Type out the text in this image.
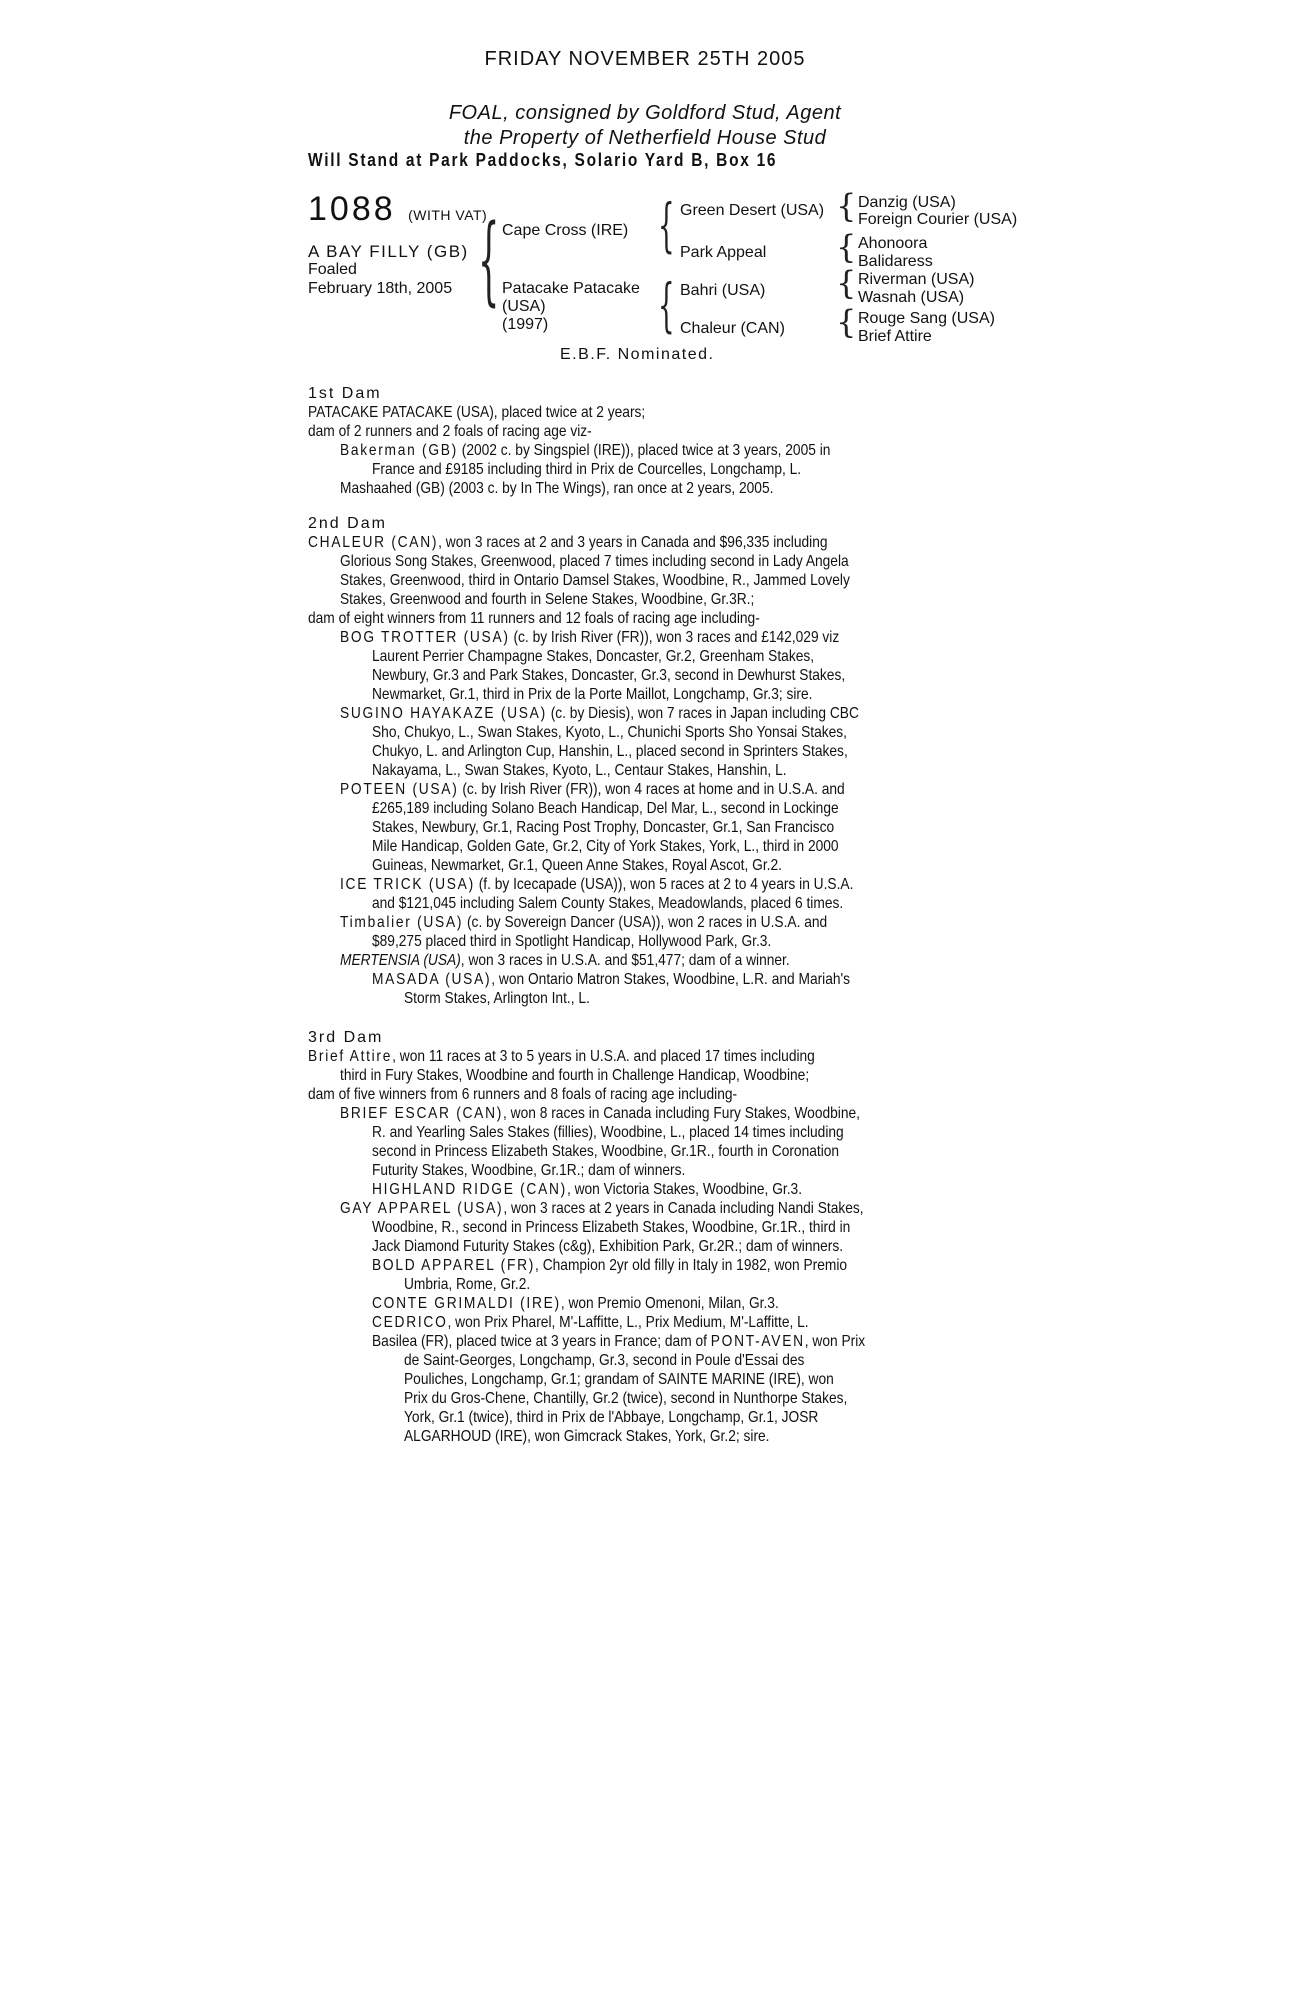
FRIDAY NOVEMBER 25TH 2005
FOAL, consigned by Goldford Stud, Agent
the Property of Netherfield House Stud
Will Stand at Park Paddocks, Solario Yard B, Box 16
1088 (WITH VAT)
A BAY FILLY (GB)
Foaled
February 18th, 2005 { Cape Cross (IRE)
Patacake Patacake
(USA)
(1997)
{ Green Desert (USA)
Park Appeal
{ Bahri (USA)
Chaleur (CAN)
{ Danzig (USA)
Foreign Courier (USA)
{ Ahonoora
Balidaress
{ Riverman (USA)
Wasnah (USA)
{ Rouge Sang (USA)
Brief Attire
E.B.F. Nominated.
1st Dam
PATACAKE PATACAKE (USA), placed twice at 2 years;
dam of 2 runners and 2 foals of racing age viz-
Bakerman (GB) (2002 c. by Singspiel (IRE)), placed twice at 3 years, 2005 in
France and £9185 including third in Prix de Courcelles, Longchamp, L.
Mashaahed (GB) (2003 c. by In The Wings), ran once at 2 years, 2005.
2nd Dam
CHALEUR (CAN), won 3 races at 2 and 3 years in Canada and $96,335 including
Glorious Song Stakes, Greenwood, placed 7 times including second in Lady Angela
Stakes, Greenwood, third in Ontario Damsel Stakes, Woodbine, R., Jammed Lovely
Stakes, Greenwood and fourth in Selene Stakes, Woodbine, Gr.3R.;
dam of eight winners from 11 runners and 12 foals of racing age including-
BOG TROTTER (USA) (c. by Irish River (FR)), won 3 races and £142,029 viz
Laurent Perrier Champagne Stakes, Doncaster, Gr.2, Greenham Stakes,
Newbury, Gr.3 and Park Stakes, Doncaster, Gr.3, second in Dewhurst Stakes,
Newmarket, Gr.1, third in Prix de la Porte Maillot, Longchamp, Gr.3; sire.
SUGINO HAYAKAZE (USA) (c. by Diesis), won 7 races in Japan including CBC
Sho, Chukyo, L., Swan Stakes, Kyoto, L., Chunichi Sports Sho Yonsai Stakes,
Chukyo, L. and Arlington Cup, Hanshin, L., placed second in Sprinters Stakes,
Nakayama, L., Swan Stakes, Kyoto, L., Centaur Stakes, Hanshin, L.
POTEEN (USA) (c. by Irish River (FR)), won 4 races at home and in U.S.A. and
£265,189 including Solano Beach Handicap, Del Mar, L., second in Lockinge
Stakes, Newbury, Gr.1, Racing Post Trophy, Doncaster, Gr.1, San Francisco
Mile Handicap, Golden Gate, Gr.2, City of York Stakes, York, L., third in 2000
Guineas, Newmarket, Gr.1, Queen Anne Stakes, Royal Ascot, Gr.2.
ICE TRICK (USA) (f. by Icecapade (USA)), won 5 races at 2 to 4 years in U.S.A.
and $121,045 including Salem County Stakes, Meadowlands, placed 6 times.
Timbalier (USA) (c. by Sovereign Dancer (USA)), won 2 races in U.S.A. and
$89,275 placed third in Spotlight Handicap, Hollywood Park, Gr.3.
MERTENSIA (USA), won 3 races in U.S.A. and $51,477; dam of a winner.
MASADA (USA), won Ontario Matron Stakes, Woodbine, L.R. and Mariah's
Storm Stakes, Arlington Int., L.
3rd Dam
Brief Attire, won 11 races at 3 to 5 years in U.S.A. and placed 17 times including
third in Fury Stakes, Woodbine and fourth in Challenge Handicap, Woodbine;
dam of five winners from 6 runners and 8 foals of racing age including-
BRIEF ESCAR (CAN), won 8 races in Canada including Fury Stakes, Woodbine,
R. and Yearling Sales Stakes (fillies), Woodbine, L., placed 14 times including
second in Princess Elizabeth Stakes, Woodbine, Gr.1R., fourth in Coronation
Futurity Stakes, Woodbine, Gr.1R.; dam of winners.
HIGHLAND RIDGE (CAN), won Victoria Stakes, Woodbine, Gr.3.
GAY APPAREL (USA), won 3 races at 2 years in Canada including Nandi Stakes,
Woodbine, R., second in Princess Elizabeth Stakes, Woodbine, Gr.1R., third in
Jack Diamond Futurity Stakes (c&g), Exhibition Park, Gr.2R.; dam of winners.
BOLD APPAREL (FR), Champion 2yr old filly in Italy in 1982, won Premio
Umbria, Rome, Gr.2.
CONTE GRIMALDI (IRE), won Premio Omenoni, Milan, Gr.3.
CEDRICO, won Prix Pharel, M'-Laffitte, L., Prix Medium, M'-Laffitte, L.
Basilea (FR), placed twice at 3 years in France; dam of PONT-AVEN, won Prix
de Saint-Georges, Longchamp, Gr.3, second in Poule d'Essai des
Pouliches, Longchamp, Gr.1; grandam of SAINTE MARINE (IRE), won
Prix du Gros-Chene, Chantilly, Gr.2 (twice), second in Nunthorpe Stakes,
York, Gr.1 (twice), third in Prix de l'Abbaye, Longchamp, Gr.1, JOSR
ALGARHOUD (IRE), won Gimcrack Stakes, York, Gr.2; sire.
